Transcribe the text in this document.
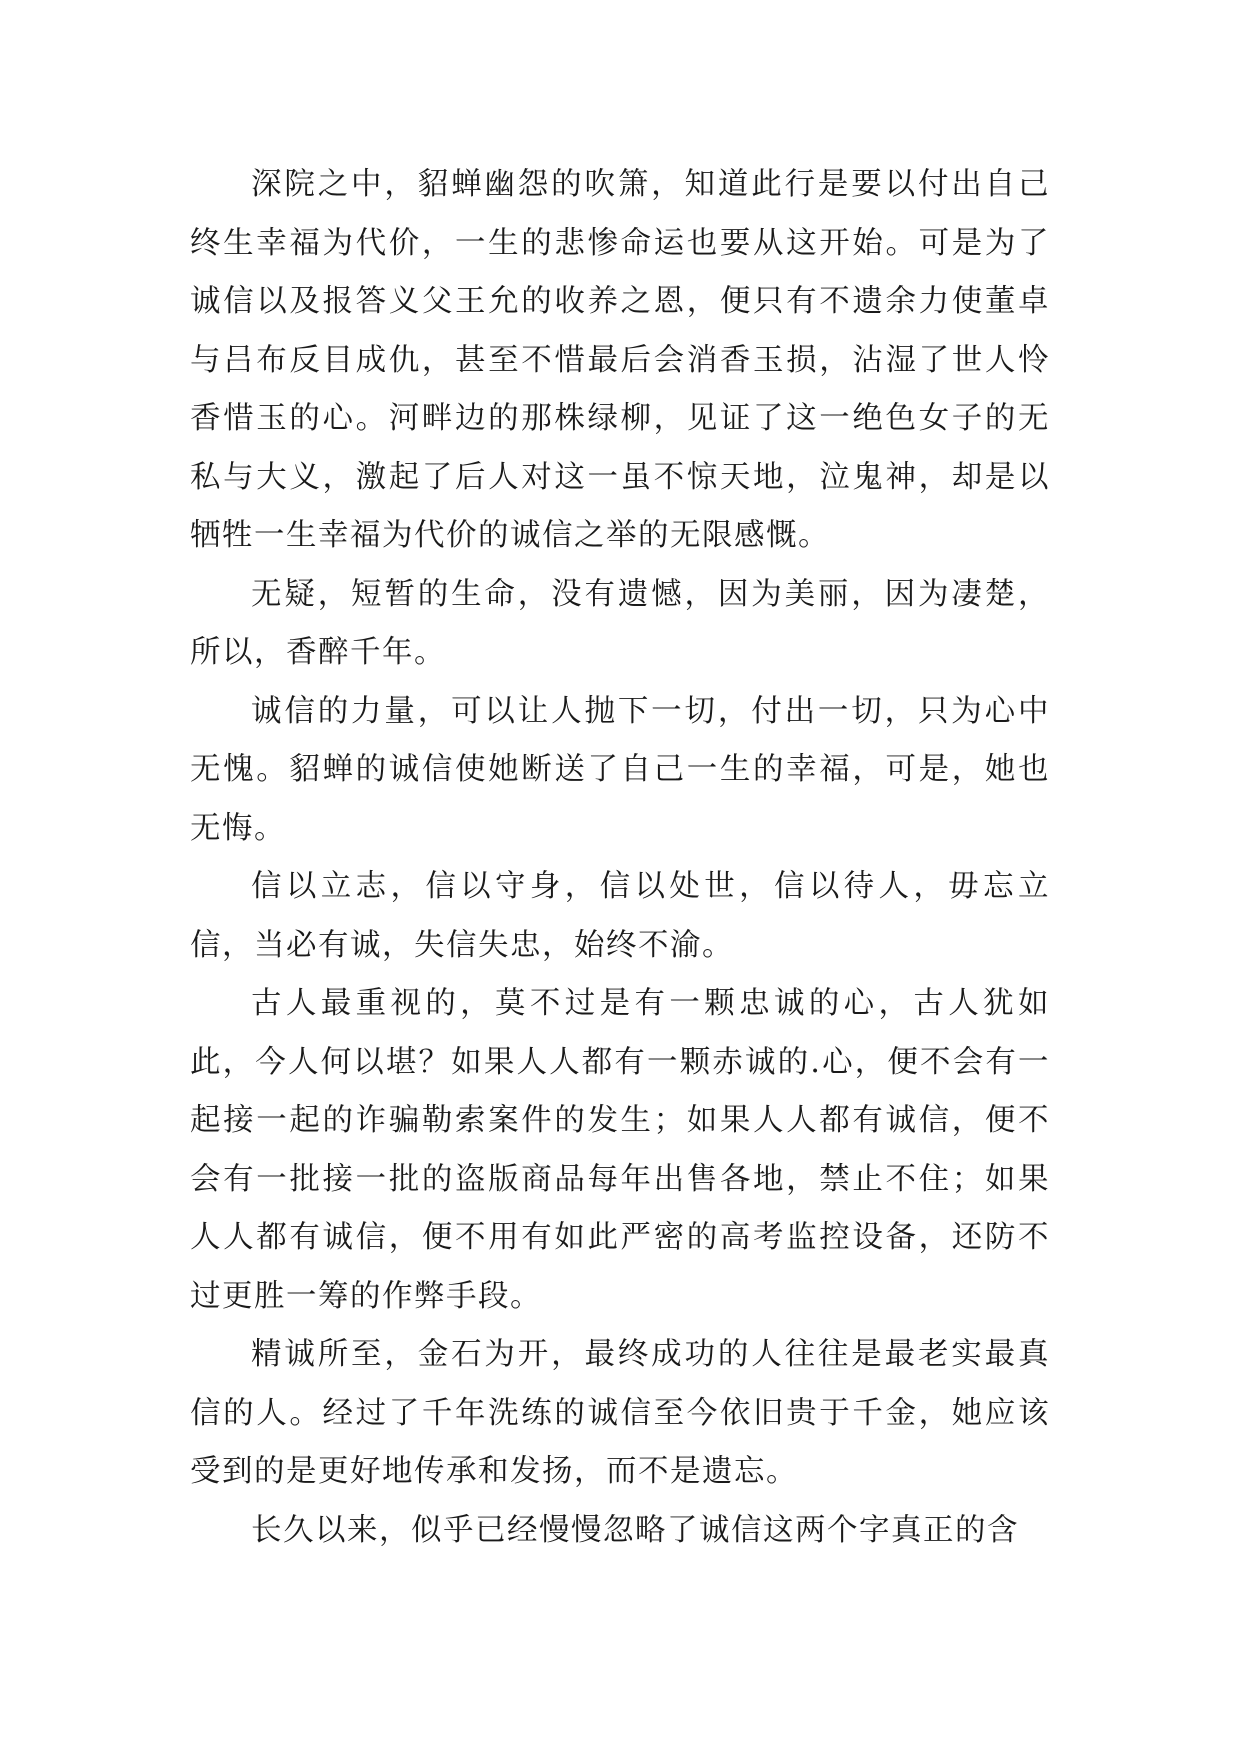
深院之中，貂蝉幽怨的吹箫，知道此行是要以付出自己终生幸福为代价，一生的悲惨命运也要从这开始。可是为了诚信以及报答义父王允的收养之恩，便只有不遗余力使董卓与吕布反目成仇，甚至不惜最后会消香玉损，沾湿了世人怜香惜玉的心。河畔边的那株绿柳，见证了这一绝色女子的无私与大义，激起了后人对这一虽不惊天地，泣鬼神，却是以牺牲一生幸福为代价的诚信之举的无限感慨。

无疑，短暂的生命，没有遗憾，因为美丽，因为凄楚，所以，香醉千年。

诚信的力量，可以让人抛下一切，付出一切，只为心中无愧。貂蝉的诚信使她断送了自己一生的幸福，可是，她也无悔。

信以立志，信以守身，信以处世，信以待人，毋忘立信，当必有诚，失信失忠，始终不渝。

古人最重视的，莫不过是有一颗忠诚的心，古人犹如此，今人何以堪？如果人人都有一颗赤诚的.心，便不会有一起接一起的诈骗勒索案件的发生；如果人人都有诚信，便不会有一批接一批的盗版商品每年出售各地，禁止不住；如果人人都有诚信，便不用有如此严密的高考监控设备，还防不过更胜一筹的作弊手段。

精诚所至，金石为开，最终成功的人往往是最老实最真信的人。经过了千年洗练的诚信至今依旧贵于千金，她应该受到的是更好地传承和发扬，而不是遗忘。

长久以来，似乎已经慢慢忽略了诚信这两个字真正的含
